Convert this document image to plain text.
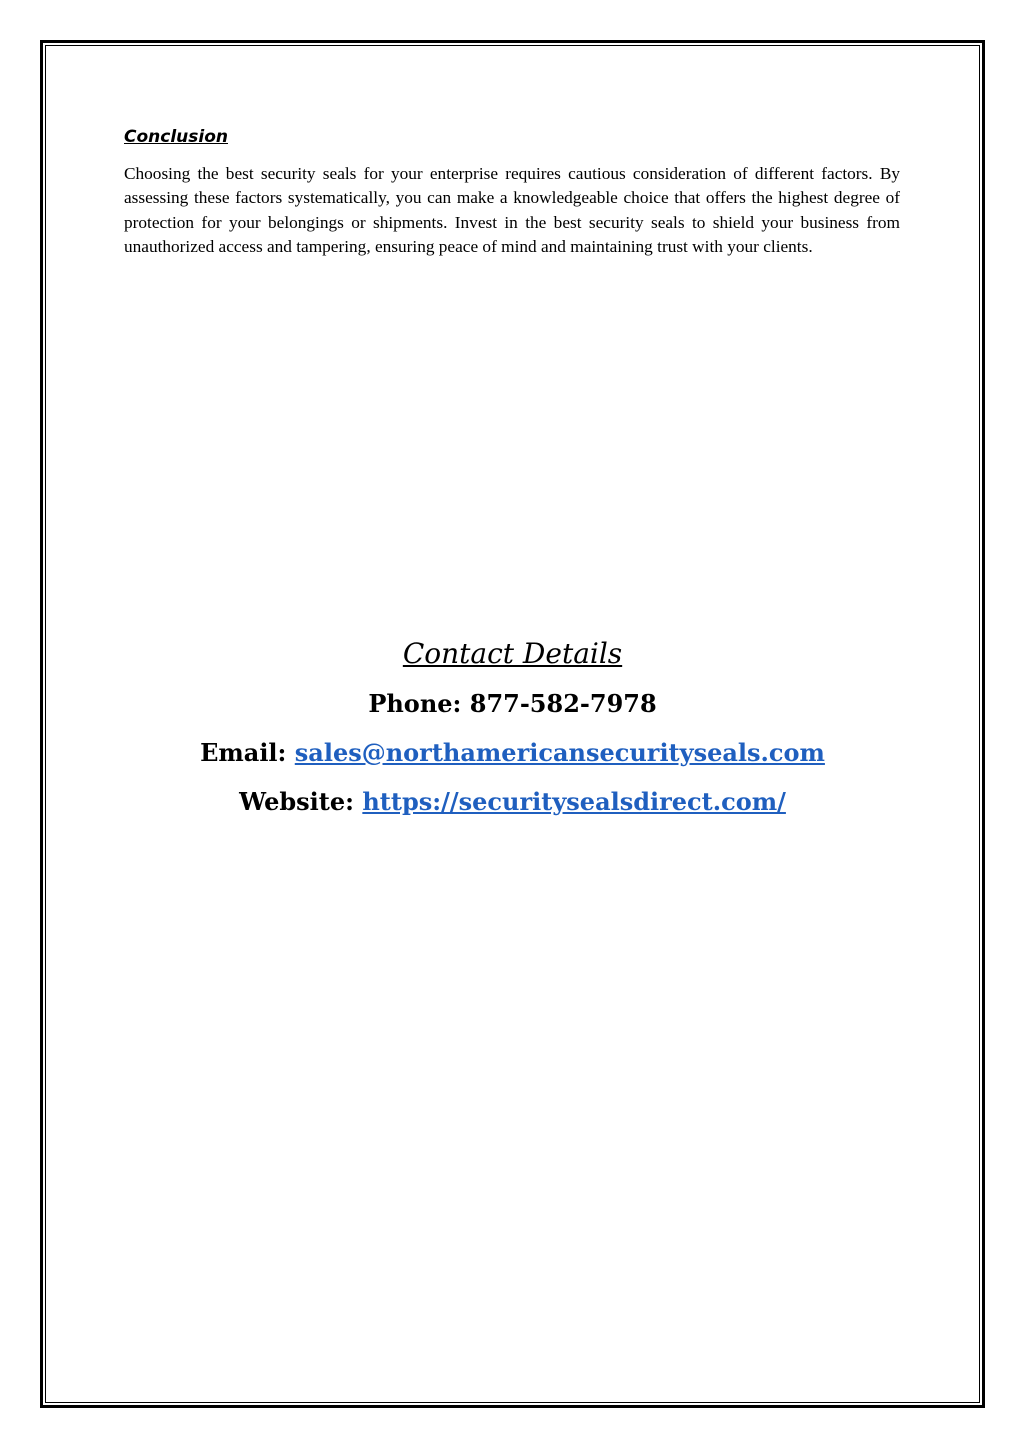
Conclusion

Choosing the best security seals for your enterprise requires cautious consideration of different factors. By assessing these factors systematically, you can make a knowledgeable choice that offers the highest degree of protection for your belongings or shipments. Invest in the best security seals to shield your business from unauthorized access and tampering, ensuring peace of mind and maintaining trust with your clients.

Contact Details
Phone: 877-582-7978
Email: sales@northamericansecurityseals.com
Website: https://securitysealsdirect.com/
